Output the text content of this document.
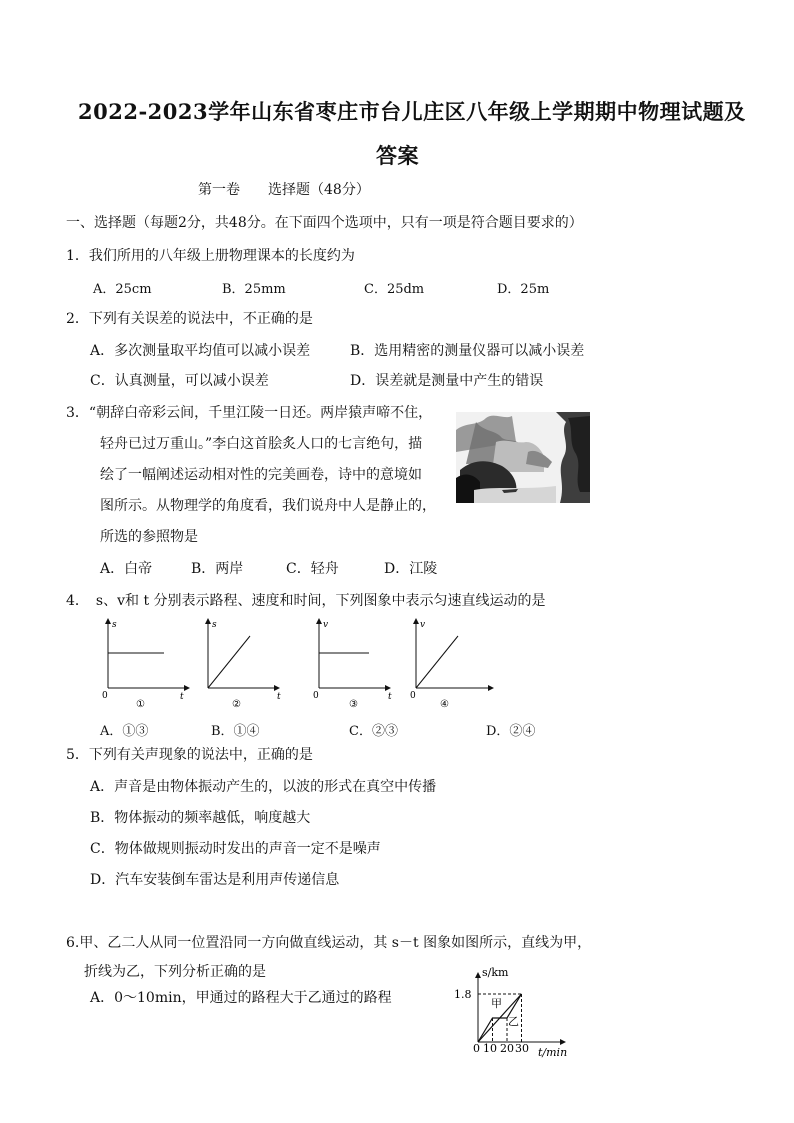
2022-2023学年山东省枣庄市台儿庄区八年级上学期期中物理试题及
答案
第一卷　　选择题（48分）
一、选择题（每题2分，共48分。在下面四个选项中，只有一项是符合题目要求的）
1．我们所用的八年级上册物理课本的长度约为
A．25cm	B．25mm	C．25dm	D．25m
2．下列有关误差的说法中，不正确的是
A．多次测量取平均值可以减小误差	B．选用精密的测量仪器可以减小误差
C．认真测量，可以减小误差	D．误差就是测量中产生的错误
3．“朝辞白帝彩云间，千里江陵一日还。两岸猿声啼不住，
轻舟已过万重山。”李白这首脍炙人口的七言绝句，描
绘了一幅阐述运动相对性的完美画卷，诗中的意境如
图所示。从物理学的角度看，我们说舟中人是静止的，
所选的参照物是
A．白帝	B．两岸	C．轻舟	D．江陵
4． s、v和 t 分别表示路程、速度和时间，下列图象中表示匀速直线运动的是
s
t
0
①
s
t
②
v
t
0
③
v
0
④
A．①③	B．①④	C．②③	D．②④
5．下列有关声现象的说法中，正确的是
A．声音是由物体振动产生的，以波的形式在真空中传播
B．物体振动的频率越低，响度越大
C．物体做规则振动时发出的声音一定不是噪声
D．汽车安装倒车雷达是利用声传递信息
6.甲、乙二人从同一位置沿同一方向做直线运动，其 s－t 图象如图所示，直线为甲，
折线为乙，下列分析正确的是
A．0～10min，甲通过的路程大于乙通过的路程
s/km
t/min
1.8
0 10 20 30
甲
乙
